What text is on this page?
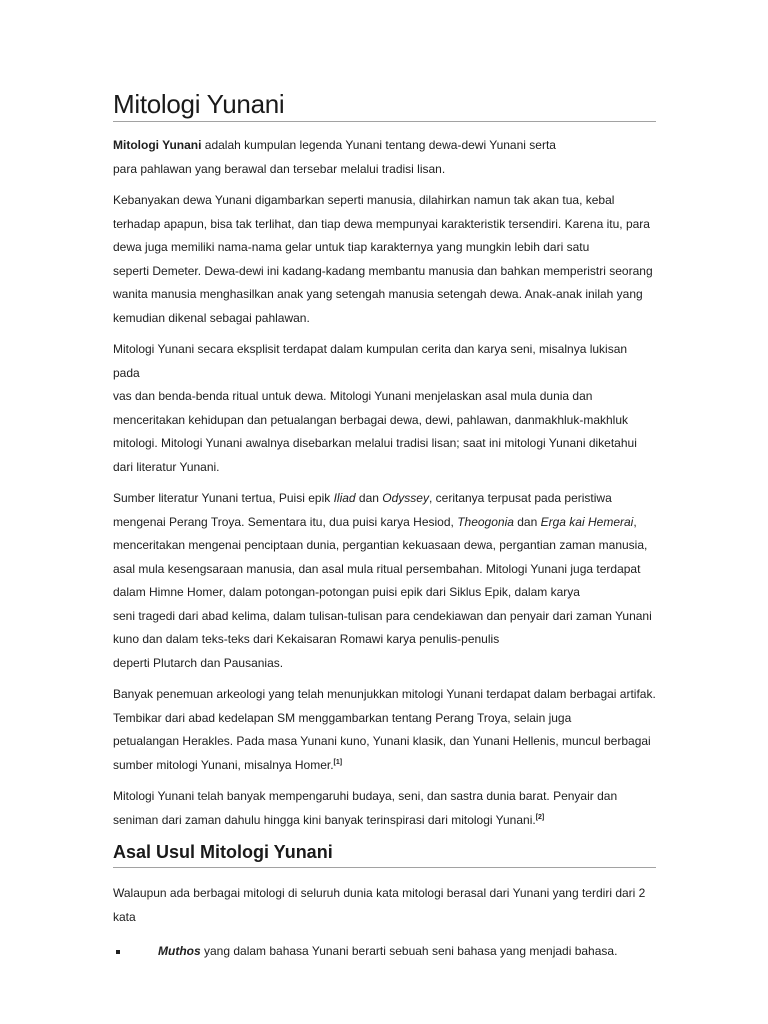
Mitologi Yunani

Mitologi Yunani adalah kumpulan legenda Yunani tentang dewa-dewi Yunani serta
para pahlawan yang berawal dan tersebar melalui tradisi lisan.

Kebanyakan dewa Yunani digambarkan seperti manusia, dilahirkan namun tak akan tua, kebal
terhadap apapun, bisa tak terlihat, dan tiap dewa mempunyai karakteristik tersendiri. Karena itu, para
dewa juga memiliki nama-nama gelar untuk tiap karakternya yang mungkin lebih dari satu
seperti Demeter. Dewa-dewi ini kadang-kadang membantu manusia dan bahkan memperistri seorang
wanita manusia menghasilkan anak yang setengah manusia setengah dewa. Anak-anak inilah yang
kemudian dikenal sebagai pahlawan.

Mitologi Yunani secara eksplisit terdapat dalam kumpulan cerita dan karya seni, misalnya lukisan pada
vas dan benda-benda ritual untuk dewa. Mitologi Yunani menjelaskan asal mula dunia dan
menceritakan kehidupan dan petualangan berbagai dewa, dewi, pahlawan, danmakhluk-makhluk
mitologi. Mitologi Yunani awalnya disebarkan melalui tradisi lisan; saat ini mitologi Yunani diketahui
dari literatur Yunani.

Sumber literatur Yunani tertua, Puisi epik Iliad dan Odyssey, ceritanya terpusat pada peristiwa
mengenai Perang Troya. Sementara itu, dua puisi karya Hesiod, Theogonia dan Erga kai Hemerai,
menceritakan mengenai penciptaan dunia, pergantian kekuasaan dewa, pergantian zaman manusia,
asal mula kesengsaraan manusia, dan asal mula ritual persembahan. Mitologi Yunani juga terdapat
dalam Himne Homer, dalam potongan-potongan puisi epik dari Siklus Epik, dalam karya
seni tragedi dari abad kelima, dalam tulisan-tulisan para cendekiawan dan penyair dari zaman Yunani
kuno dan dalam teks-teks dari Kekaisaran Romawi karya penulis-penulis
deperti Plutarch dan Pausanias.

Banyak penemuan arkeologi yang telah menunjukkan mitologi Yunani terdapat dalam berbagai artifak.
Tembikar dari abad kedelapan SM menggambarkan tentang Perang Troya, selain juga
petualangan Herakles. Pada masa Yunani kuno, Yunani klasik, dan Yunani Hellenis, muncul berbagai
sumber mitologi Yunani, misalnya Homer.[1]

Mitologi Yunani telah banyak mempengaruhi budaya, seni, dan sastra dunia barat. Penyair dan
seniman dari zaman dahulu hingga kini banyak terinspirasi dari mitologi Yunani.[2]

Asal Usul Mitologi Yunani

Walaupun ada berbagai mitologi di seluruh dunia kata mitologi berasal dari Yunani yang terdiri dari 2
kata

Muthos yang dalam bahasa Yunani berarti sebuah seni bahasa yang menjadi bahasa.
